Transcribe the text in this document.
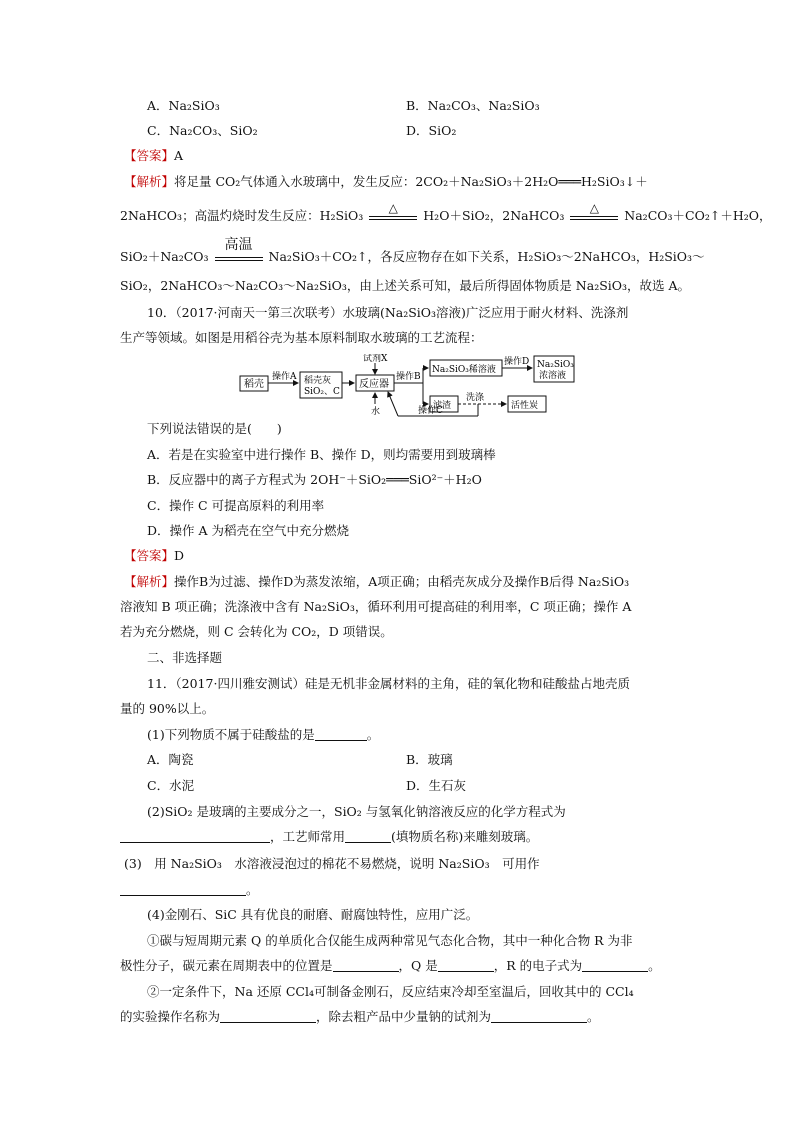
A．Na₂SiO₃	B．Na₂CO₃、Na₂SiO₃
C．Na₂CO₃、SiO₂	D．SiO₂
【答案】A
【解析】将足量 CO₂气体通入水玻璃中，发生反应：2CO₂＋Na₂SiO₃＋2H₂O═══H₂SiO₃↓＋
2NaHCO₃；高温灼烧时发生反应：H₂SiO₃	△	H₂O＋SiO₂，2NaHCO₃	△	Na₂CO₃＋CO₂↑＋H₂O，
SiO₂＋Na₂CO₃
高温
Na₂SiO₃＋CO₂↑，各反应物存在如下关系，H₂SiO₃～2NaHCO₃，H₂SiO₃～
SiO₂，2NaHCO₃～Na₂CO₃～Na₂SiO₃，由上述关系可知，最后所得固体物质是 Na₂SiO₃，故选 A。
10．（2017·河南天一第三次联考）水玻璃(Na₂SiO₃溶液)广泛应用于耐火材料、洗涤剂
生产等领域。如图是用稻谷壳为基本原料制取水玻璃的工艺流程：
稻壳
操作A 稻壳灰
SiO₂、C
反应器
试剂X
水
操作B
Na₂SiO₃稀溶液
操作D Na₂SiO₃
浓溶液
滤渣
洗涤
活性炭
操作C
下列说法错误的是(　　)
A．若是在实验室中进行操作 B、操作 D，则均需要用到玻璃棒
B．反应器中的离子方程式为 2OH⁻＋SiO₂═══SiO²⁻＋H₂O
C．操作 C 可提高原料的利用率
D．操作 A 为稻壳在空气中充分燃烧
【答案】D
【解析】操作B为过滤、操作D为蒸发浓缩，A项正确；由稻壳灰成分及操作B后得 Na₂SiO₃
溶液知 B 项正确；洗涤液中含有 Na₂SiO₃，循环利用可提高硅的利用率，C 项正确；操作 A
若为充分燃烧，则 C 会转化为 CO₂，D 项错误。
二、非选择题
11．（2017·四川雅安测试）硅是无机非金属材料的主角，硅的氧化物和硅酸盐占地壳质
量的 90%以上。
(1)下列物质不属于硅酸盐的是	。
A．陶瓷	B．玻璃
C．水泥	D．生石灰
(2)SiO₂ 是玻璃的主要成分之一，SiO₂ 与氢氧化钠溶液反应的化学方程式为
，工艺师常用	(填物质名称)来雕刻玻璃。
(3)　用 Na₂SiO₃　水溶液浸泡过的棉花不易燃烧，说明 Na₂SiO₃　可用作
。
(4)金刚石、SiC 具有优良的耐磨、耐腐蚀特性，应用广泛。
①碳与短周期元素 Q 的单质化合仅能生成两种常见气态化合物，其中一种化合物 R 为非
极性分子，碳元素在周期表中的位置是	，Q 是	，R 的电子式为	。
②一定条件下，Na 还原 CCl₄可制备金刚石，反应结束冷却至室温后，回收其中的 CCl₄
的实验操作名称为	，除去粗产品中少量钠的试剂为	。
